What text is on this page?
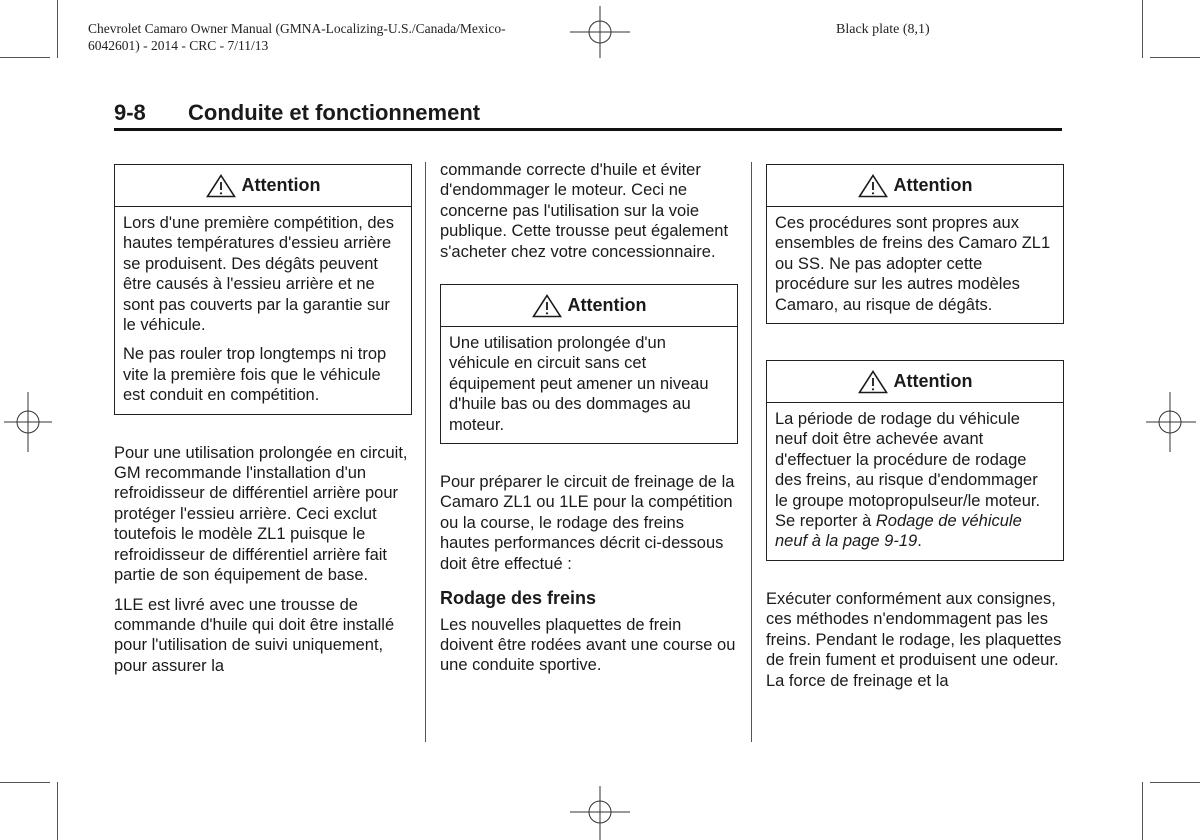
Chevrolet Camaro Owner Manual (GMNA-Localizing-U.S./Canada/Mexico-
6042601) - 2014 - CRC - 7/11/13
Black plate (8,1)
9-8 Conduite et fonctionnement
Attention

Lors d'une première compétition, des hautes températures d'essieu arrière se produisent. Des dégâts peuvent être causés à l'essieu arrière et ne sont pas couverts par la garantie sur le véhicule.

Ne pas rouler trop longtemps ni trop vite la première fois que le véhicule est conduit en compétition.

Pour une utilisation prolongée en circuit, GM recommande l'installation d'un refroidisseur de différentiel arrière pour protéger l'essieu arrière. Ceci exclut toutefois le modèle ZL1 puisque le refroidisseur de différentiel arrière fait partie de son équipement de base.

1LE est livré avec une trousse de commande d'huile qui doit être installé pour l'utilisation de suivi uniquement, pour assurer la

commande correcte d'huile et éviter d'endommager le moteur. Ceci ne concerne pas l'utilisation sur la voie publique. Cette trousse peut également s'acheter chez votre concessionnaire.

Attention

Une utilisation prolongée d'un véhicule en circuit sans cet équipement peut amener un niveau d'huile bas ou des dommages au moteur.

Pour préparer le circuit de freinage de la Camaro ZL1 ou 1LE pour la compétition ou la course, le rodage des freins hautes performances décrit ci-dessous doit être effectué :

Rodage des freins

Les nouvelles plaquettes de frein doivent être rodées avant une course ou une conduite sportive.

Attention

Ces procédures sont propres aux ensembles de freins des Camaro ZL1 ou SS. Ne pas adopter cette procédure sur les autres modèles Camaro, au risque de dégâts.

Attention

La période de rodage du véhicule neuf doit être achevée avant d'effectuer la procédure de rodage des freins, au risque d'endommager le groupe motopropulseur/le moteur. Se reporter à Rodage de véhicule neuf à la page 9-19.

Exécuter conformément aux consignes, ces méthodes n'endommagent pas les freins. Pendant le rodage, les plaquettes de frein fument et produisent une odeur. La force de freinage et la
